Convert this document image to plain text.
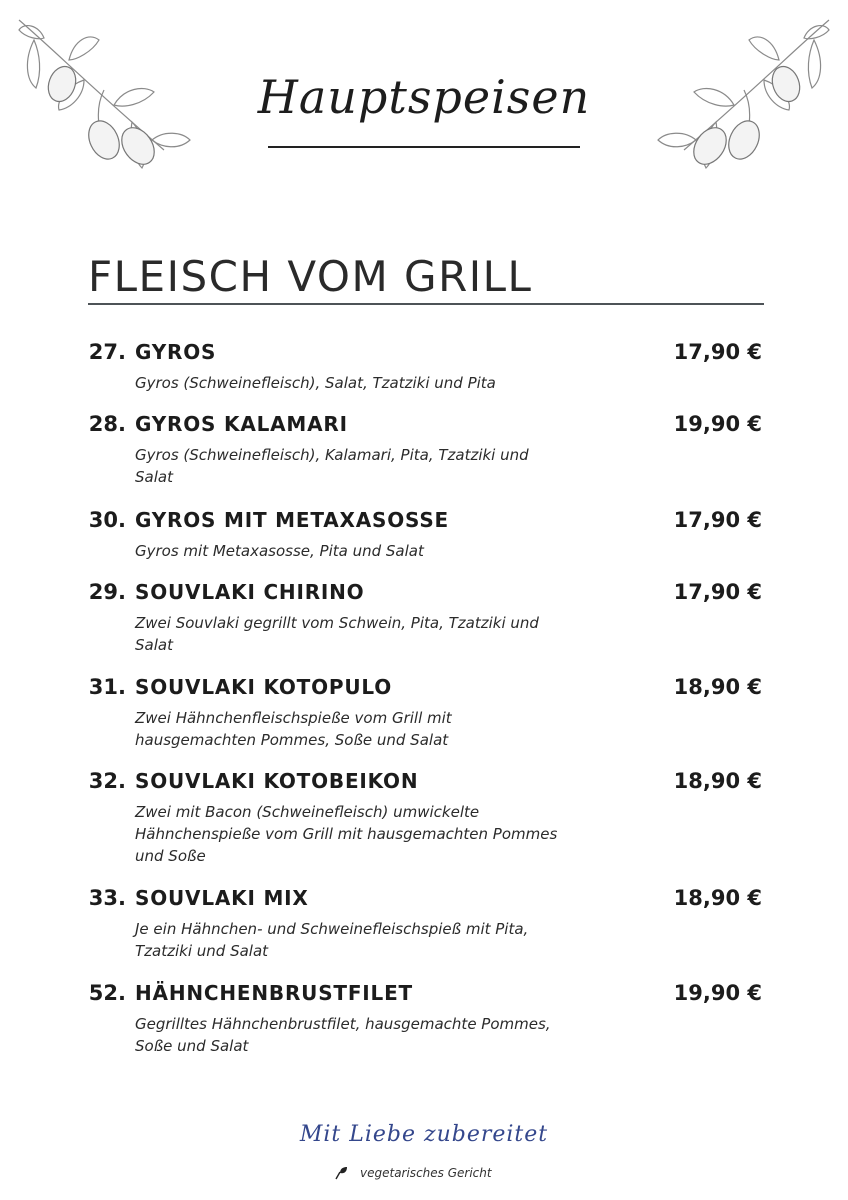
Hauptspeisen
FLEISCH VOM GRILL
27. GYROS	17,90 €
Gyros (Schweinefleisch), Salat, Tzatziki und Pita
28. GYROS KALAMARI	19,90 €
Gyros (Schweinefleisch), Kalamari, Pita, Tzatziki und
Salat
30. GYROS MIT METAXASOSSE	17,90 €
Gyros mit Metaxasosse, Pita und Salat
29. SOUVLAKI CHIRINO	17,90 €
Zwei Souvlaki gegrillt vom Schwein, Pita, Tzatziki und
Salat
31. SOUVLAKI KOTOPULO	18,90 €
Zwei Hähnchenfleischspieße vom Grill mit
hausgemachten Pommes, Soße und Salat
32. SOUVLAKI KOTOBEIKON	18,90 €
Zwei mit Bacon (Schweinefleisch) umwickelte
Hähnchenspieße vom Grill mit hausgemachten Pommes
und Soße
33. SOUVLAKI MIX	18,90 €
Je ein Hähnchen- und Schweinefleischspieß mit Pita,
Tzatziki und Salat
52. HÄHNCHENBRUSTFILET	19,90 €
Gegrilltes Hähnchenbrustfilet, hausgemachte Pommes,
Soße und Salat
Mit Liebe zubereitet
vegetarisches Gericht
